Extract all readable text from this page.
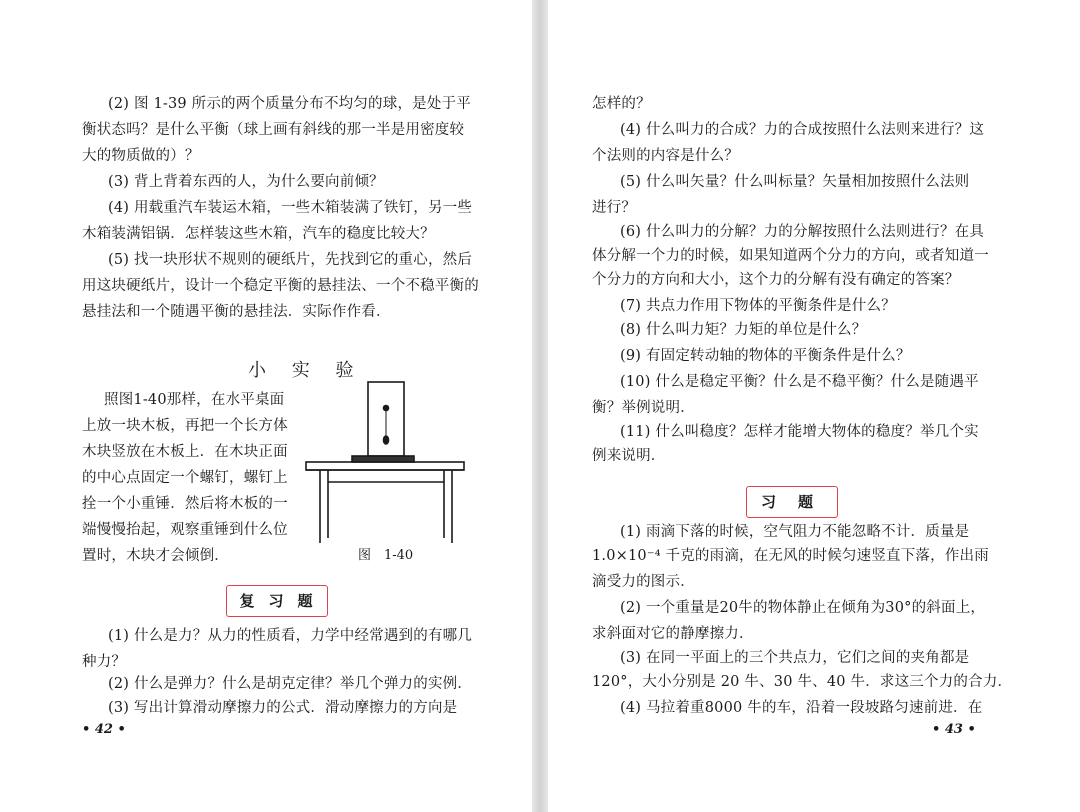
(2) 图 1-39 所示的两个质量分布不均匀的球，是处于平
衡状态吗？是什么平衡（球上画有斜线的那一半是用密度较
大的物质做的）？
(3) 背上背着东西的人，为什么要向前倾？
(4) 用载重汽车装运木箱，一些木箱装满了铁钉，另一些
木箱装满铝锅．怎样装这些木箱，汽车的稳度比较大？
(5) 找一块形状不规则的硬纸片，先找到它的重心，然后
用这块硬纸片，设计一个稳定平衡的悬挂法、一个不稳平衡的
悬挂法和一个随遇平衡的悬挂法．实际作作看．
小 实 验
照图1-40那样，在水平桌面
上放一块木板，再把一个长方体
木块竖放在木板上．在木块正面
的中心点固定一个螺钉，螺钉上
拴一个小重锤．然后将木板的一
端慢慢抬起，观察重锤到什么位
置时，木块才会倾倒．	图　1-40
复习题
(1) 什么是力？从力的性质看，力学中经常遇到的有哪几
种力？
(2) 什么是弹力？什么是胡克定律？举几个弹力的实例．
(3) 写出计算滑动摩擦力的公式．滑动摩擦力的方向是
• 42 •
怎样的？
(4) 什么叫力的合成？力的合成按照什么法则来进行？这
个法则的内容是什么？
(5) 什么叫矢量？什么叫标量？矢量相加按照什么法则
进行？
(6) 什么叫力的分解？力的分解按照什么法则进行？在具
体分解一个力的时候，如果知道两个分力的方向，或者知道一
个分力的方向和大小，这个力的分解有没有确定的答案？
(7) 共点力作用下物体的平衡条件是什么？
(8) 什么叫力矩？力矩的单位是什么？
(9) 有固定转动轴的物体的平衡条件是什么？
(10) 什么是稳定平衡？什么是不稳平衡？什么是随遇平
衡？举例说明．
(11) 什么叫稳度？怎样才能增大物体的稳度？举几个实
例来说明．
习题
(1) 雨滴下落的时候，空气阻力不能忽略不计．质量是
1.0×10⁻⁴ 千克的雨滴，在无风的时候匀速竖直下落，作出雨
滴受力的图示．
(2) 一个重量是20牛的物体静止在倾角为30°的斜面上，
求斜面对它的静摩擦力．
(3) 在同一平面上的三个共点力，它们之间的夹角都是
120°，大小分别是 20 牛、30 牛、40 牛．求这三个力的合力．
(4) 马拉着重8000 牛的车，沿着一段坡路匀速前进．在
• 43 •
